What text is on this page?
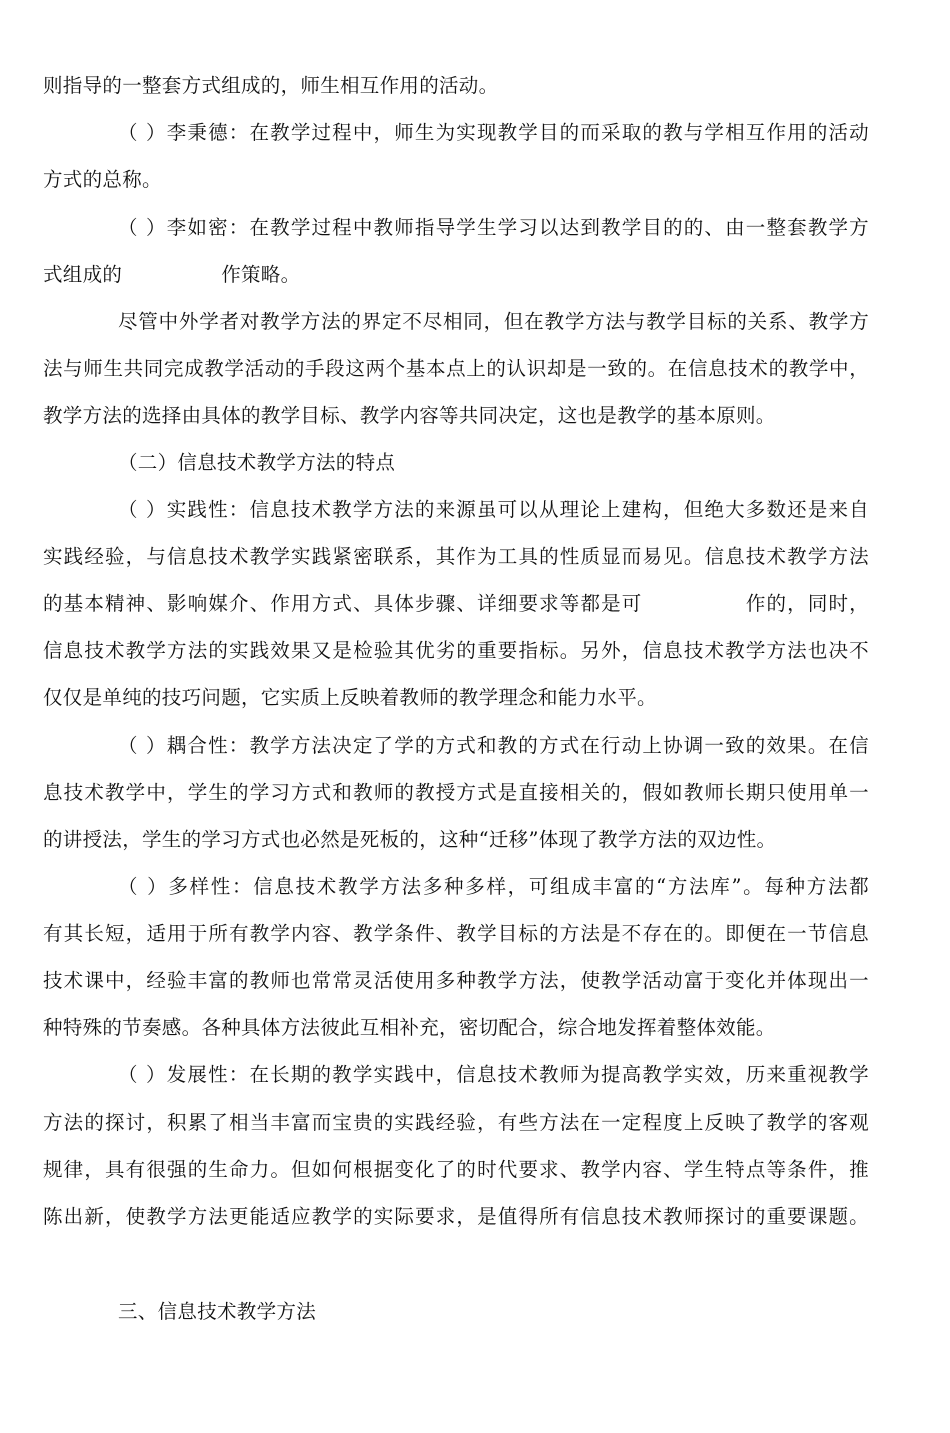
则指导的一整套方式组成的，师生相互作用的活动。
（ ）李秉德：在教学过程中，师生为实现教学目的而采取的教与学相互作用的活动
方式的总称。
（ ）李如密：在教学过程中教师指导学生学习以达到教学目的的、由一整套教学方
式组成的　　　　　作策略。
尽管中外学者对教学方法的界定不尽相同，但在教学方法与教学目标的关系、教学方
法与师生共同完成教学活动的手段这两个基本点上的认识却是一致的。在信息技术的教学中，
教学方法的选择由具体的教学目标、教学内容等共同决定，这也是教学的基本原则。
（二）信息技术教学方法的特点
（ ）实践性：信息技术教学方法的来源虽可以从理论上建构，但绝大多数还是来自
实践经验，与信息技术教学实践紧密联系，其作为工具的性质显而易见。信息技术教学方法
的基本精神、影响媒介、作用方式、具体步骤、详细要求等都是可　　　　　作的，同时，
信息技术教学方法的实践效果又是检验其优劣的重要指标。另外，信息技术教学方法也决不
仅仅是单纯的技巧问题，它实质上反映着教师的教学理念和能力水平。
（ ）耦合性：教学方法决定了学的方式和教的方式在行动上协调一致的效果。在信
息技术教学中，学生的学习方式和教师的教授方式是直接相关的，假如教师长期只使用单一
的讲授法，学生的学习方式也必然是死板的，这种“迁移”体现了教学方法的双边性。
（ ）多样性：信息技术教学方法多种多样，可组成丰富的“方法库”。每种方法都
有其长短，适用于所有教学内容、教学条件、教学目标的方法是不存在的。即便在一节信息
技术课中，经验丰富的教师也常常灵活使用多种教学方法，使教学活动富于变化并体现出一
种特殊的节奏感。各种具体方法彼此互相补充，密切配合，综合地发挥着整体效能。
（ ）发展性：在长期的教学实践中，信息技术教师为提高教学实效，历来重视教学
方法的探讨，积累了相当丰富而宝贵的实践经验，有些方法在一定程度上反映了教学的客观
规律，具有很强的生命力。但如何根据变化了的时代要求、教学内容、学生特点等条件，推
陈出新，使教学方法更能适应教学的实际要求，是值得所有信息技术教师探讨的重要课题。
三、信息技术教学方法
